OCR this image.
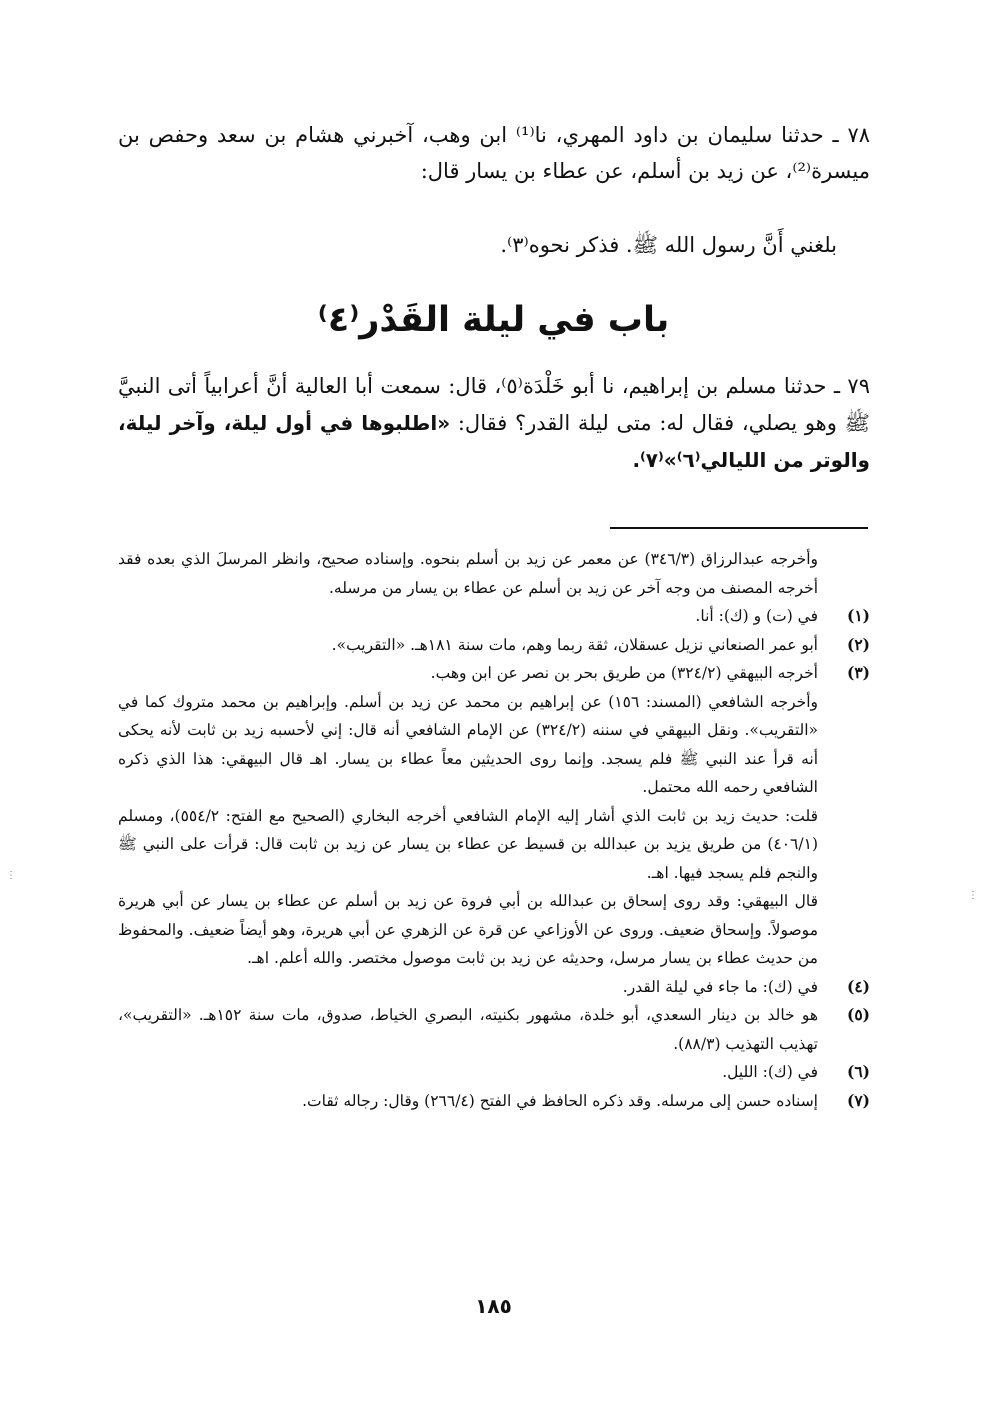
٧٨ ـ حدثنا سليمان بن داود المهري، نا⁽¹⁾ ابن وهب، آخبرني هشام بن سعد وحفص بن ميسرة⁽²⁾، عن زيد بن أسلم، عن عطاء بن يسار قال:
بلغني أَنَّ رسول الله ﷺ. فذكر نحوه⁽٣⁾.
باب في ليلة القَدْر⁽٤⁾
٧٩ ـ حدثنا مسلم بن إبراهيم، نا أبو خَلْدَة⁽٥⁾، قال: سمعت أبا العالية أنَّ أعرابياً أتى النبيَّ ﷺ وهو يصلي، فقال له: متى ليلة القدر؟ فقال: «اطلبوها في أول ليلة، وآخر ليلة، والوتر من الليالي⁽٦⁾»⁽٧⁾.
وأخرجه عبدالرزاق (٣٤٦/٣) عن معمر عن زيد بن أسلم بنحوه. وإسناده صحيح، وانظر المرسلَ الذي بعده فقد أخرجه المصنف من وجه آخر عن زيد بن أسلم عن عطاء بن يسار من مرسله.
(١)
في (ت) و (ك): أنا.
(٢)
أبو عمر الصنعاني نزيل عسقلان، ثقة ربما وهم، مات سنة ١٨١هـ. «التقريب».
(٣)
أخرجه البيهقي (٣٢٤/٢) من طريق بحر بن نصر عن ابن وهب.
وأخرجه الشافعي (المسند: ١٥٦) عن إبراهيم بن محمد عن زيد بن أسلم. وإبراهيم بن محمد متروك كما في «التقريب». ونقل البيهقي في سننه (٣٢٤/٢) عن الإمام الشافعي أنه قال: إني لأحسبه زيد بن ثابت لأنه يحكى أنه قرأ عند النبي ﷺ فلم يسجد. وإنما روى الحديثين معاً عطاء بن يسار. اهـ قال البيهقي: هذا الذي ذكره الشافعي رحمه الله محتمل.
قلت: حديث زيد بن ثابت الذي أشار إليه الإمام الشافعي أخرجه البخاري (الصحيح مع الفتح: ٥٥٤/٢)، ومسلم (٤٠٦/١) من طريق يزيد بن عبدالله بن قسيط عن عطاء بن يسار عن زيد بن ثابت قال: قرأت على النبي ﷺ والنجم فلم يسجد فيها. اهـ.
قال البيهقي: وقد روى إسحاق بن عبدالله بن أبي فروة عن زيد بن أسلم عن عطاء بن يسار عن أبي هريرة موصولاً. وإسحاق ضعيف. وروى عن الأوزاعي عن قرة عن الزهري عن أبي هريرة، وهو أيضاً ضعيف. والمحفوظ من حديث عطاء بن يسار مرسل، وحديثه عن زيد بن ثابت موصول مختصر. والله أعلم. اهـ.
(٤)
في (ك): ما جاء في ليلة القدر.
(٥)
هو خالد بن دينار السعدي، أبو خلدة، مشهور بكنيته، البصري الخياط، صدوق، مات سنة ١٥٢هـ. «التقريب»، تهذيب التهذيب (٨٨/٣).
(٦)
في (ك): الليل.
(٧)
إسناده حسن إلى مرسله. وقد ذكره الحافظ في الفتح (٢٦٦/٤) وقال: رجاله ثقات.
١٨٥
⋮
⋮
